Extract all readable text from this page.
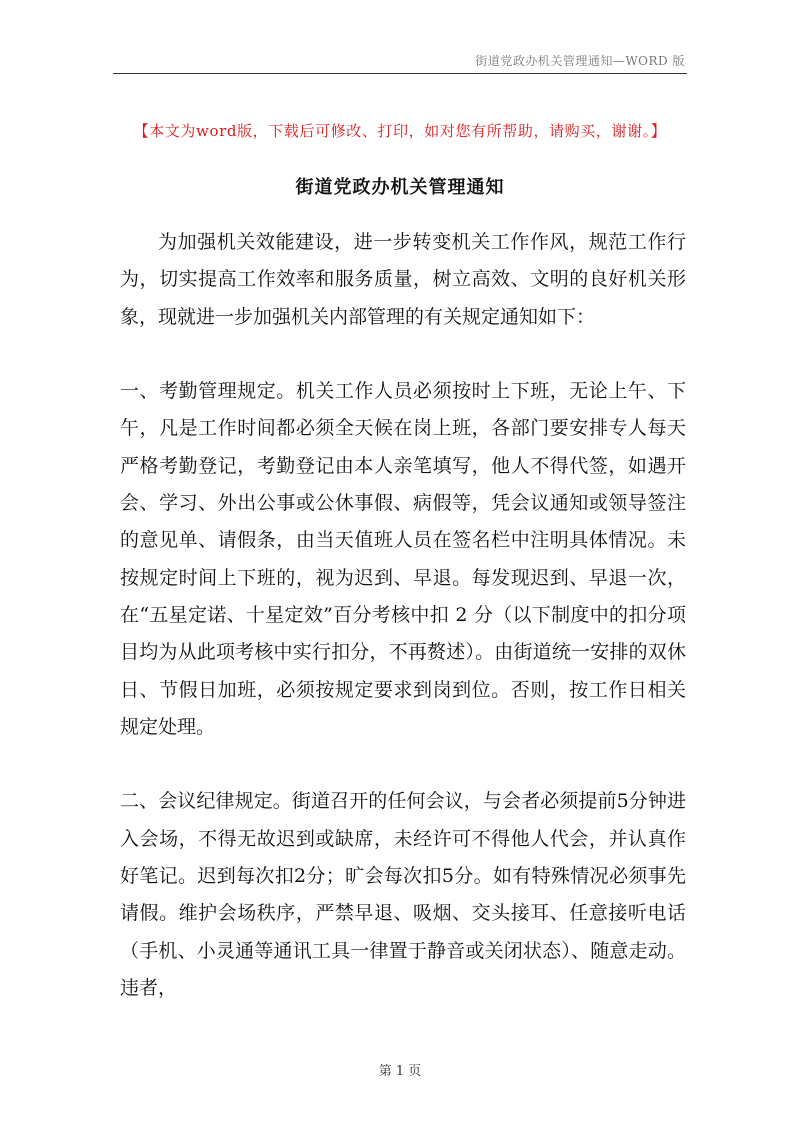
街道党政办机关管理通知—WORD 版
【本文为word版，下载后可修改、打印，如对您有所帮助，请购买，谢谢。】
街道党政办机关管理通知

为加强机关效能建设，进一步转变机关工作作风，规范工作行为，切实提高工作效率和服务质量，树立高效、文明的良好机关形象，现就进一步加强机关内部管理的有关规定通知如下：

一、考勤管理规定。机关工作人员必须按时上下班，无论上午、下午，凡是工作时间都必须全天候在岗上班，各部门要安排专人每天严格考勤登记，考勤登记由本人亲笔填写，他人不得代签，如遇开会、学习、外出公事或公休事假、病假等，凭会议通知或领导签注的意见单、请假条，由当天值班人员在签名栏中注明具体情况。未按规定时间上下班的，视为迟到、早退。每发现迟到、早退一次，在“五星定诺、十星定效”百分考核中扣 2 分（以下制度中的扣分项目均为从此项考核中实行扣分，不再赘述）。由街道统一安排的双休日、节假日加班，必须按规定要求到岗到位。否则，按工作日相关规定处理。

二、会议纪律规定。街道召开的任何会议，与会者必须提前5分钟进入会场，不得无故迟到或缺席，未经许可不得他人代会，并认真作好笔记。迟到每次扣2分；旷会每次扣5分。如有特殊情况必须事先请假。维护会场秩序，严禁早退、吸烟、交头接耳、任意接听电话（手机、小灵通等通讯工具一律置于静音或关闭状态）、随意走动。违者，

第 1 页
